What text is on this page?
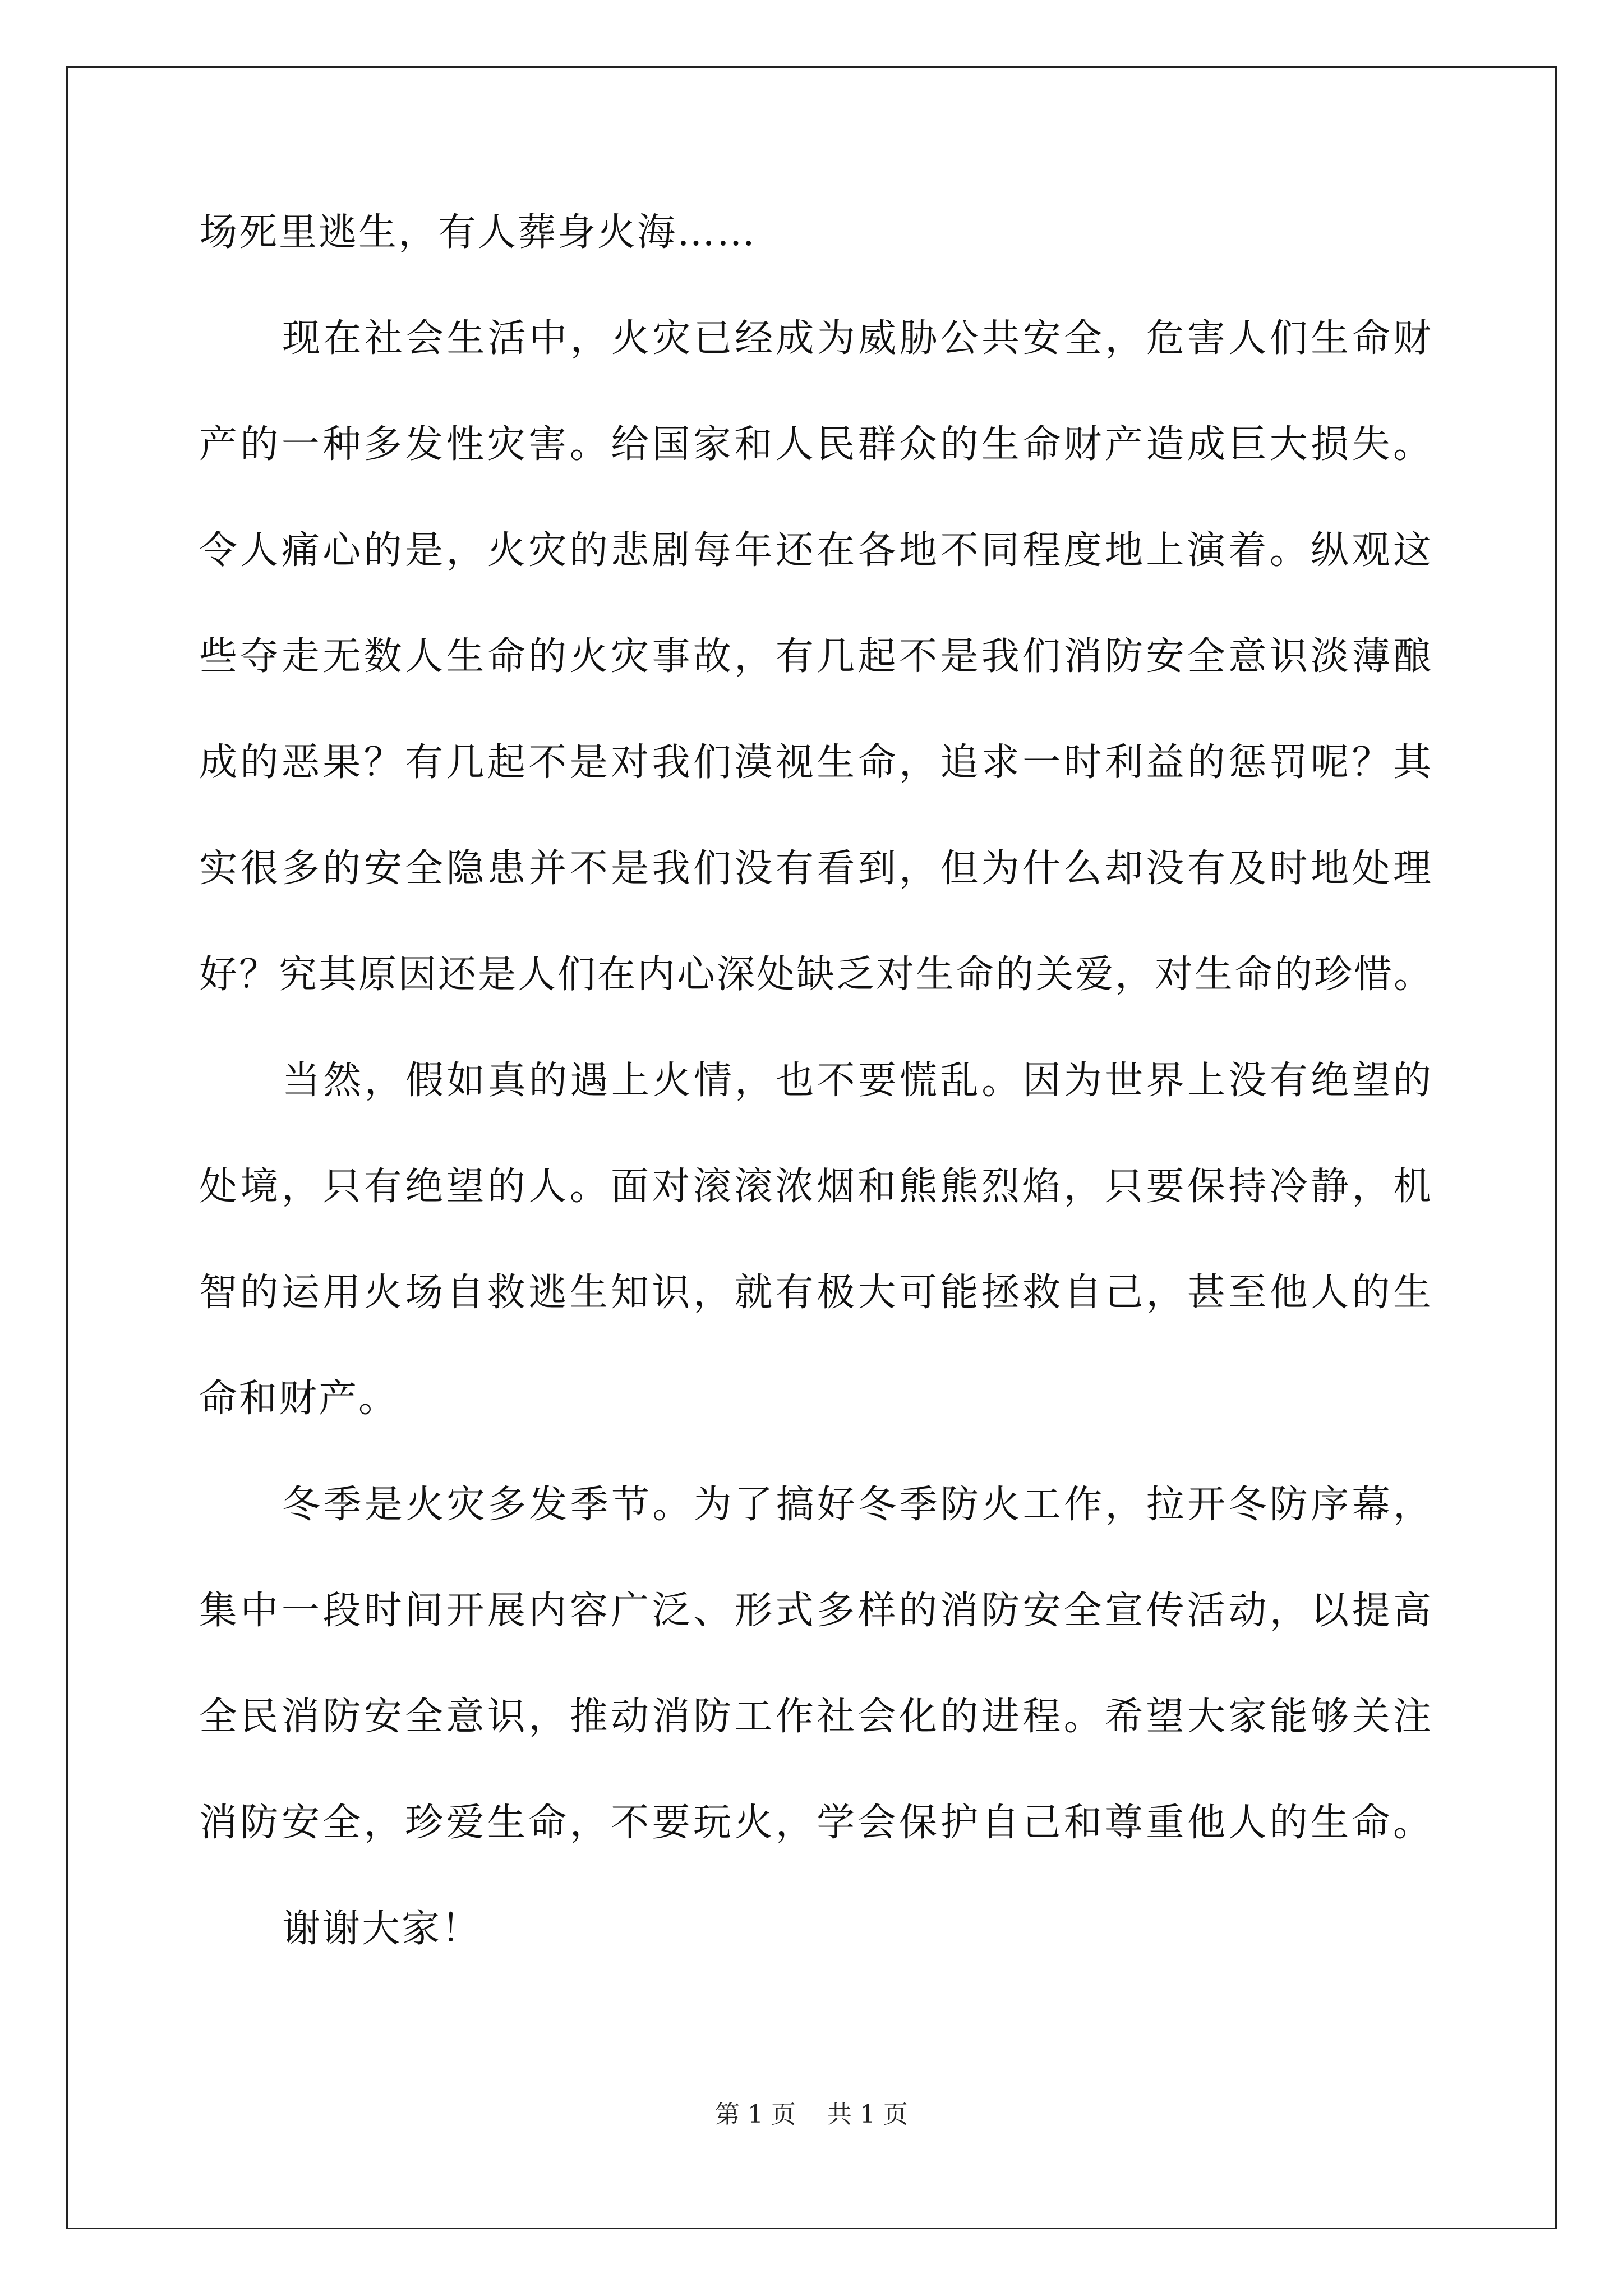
场死里逃生，有人葬身火海……
现在社会生活中，火灾已经成为威胁公共安全，危害人们生命财
产的一种多发性灾害。给国家和人民群众的生命财产造成巨大损失。
令人痛心的是，火灾的悲剧每年还在各地不同程度地上演着。纵观这
些夺走无数人生命的火灾事故，有几起不是我们消防安全意识淡薄酿
成的恶果？有几起不是对我们漠视生命，追求一时利益的惩罚呢？其
实很多的安全隐患并不是我们没有看到，但为什么却没有及时地处理
好？究其原因还是人们在内心深处缺乏对生命的关爱，对生命的珍惜。
当然，假如真的遇上火情，也不要慌乱。因为世界上没有绝望的
处境，只有绝望的人。面对滚滚浓烟和熊熊烈焰，只要保持冷静，机
智的运用火场自救逃生知识，就有极大可能拯救自己，甚至他人的生
命和财产。
冬季是火灾多发季节。为了搞好冬季防火工作，拉开冬防序幕，
集中一段时间开展内容广泛、形式多样的消防安全宣传活动，以提高
全民消防安全意识，推动消防工作社会化的进程。希望大家能够关注
消防安全，珍爱生命，不要玩火，学会保护自己和尊重他人的生命。
谢谢大家！
第 1 页    共 1 页
